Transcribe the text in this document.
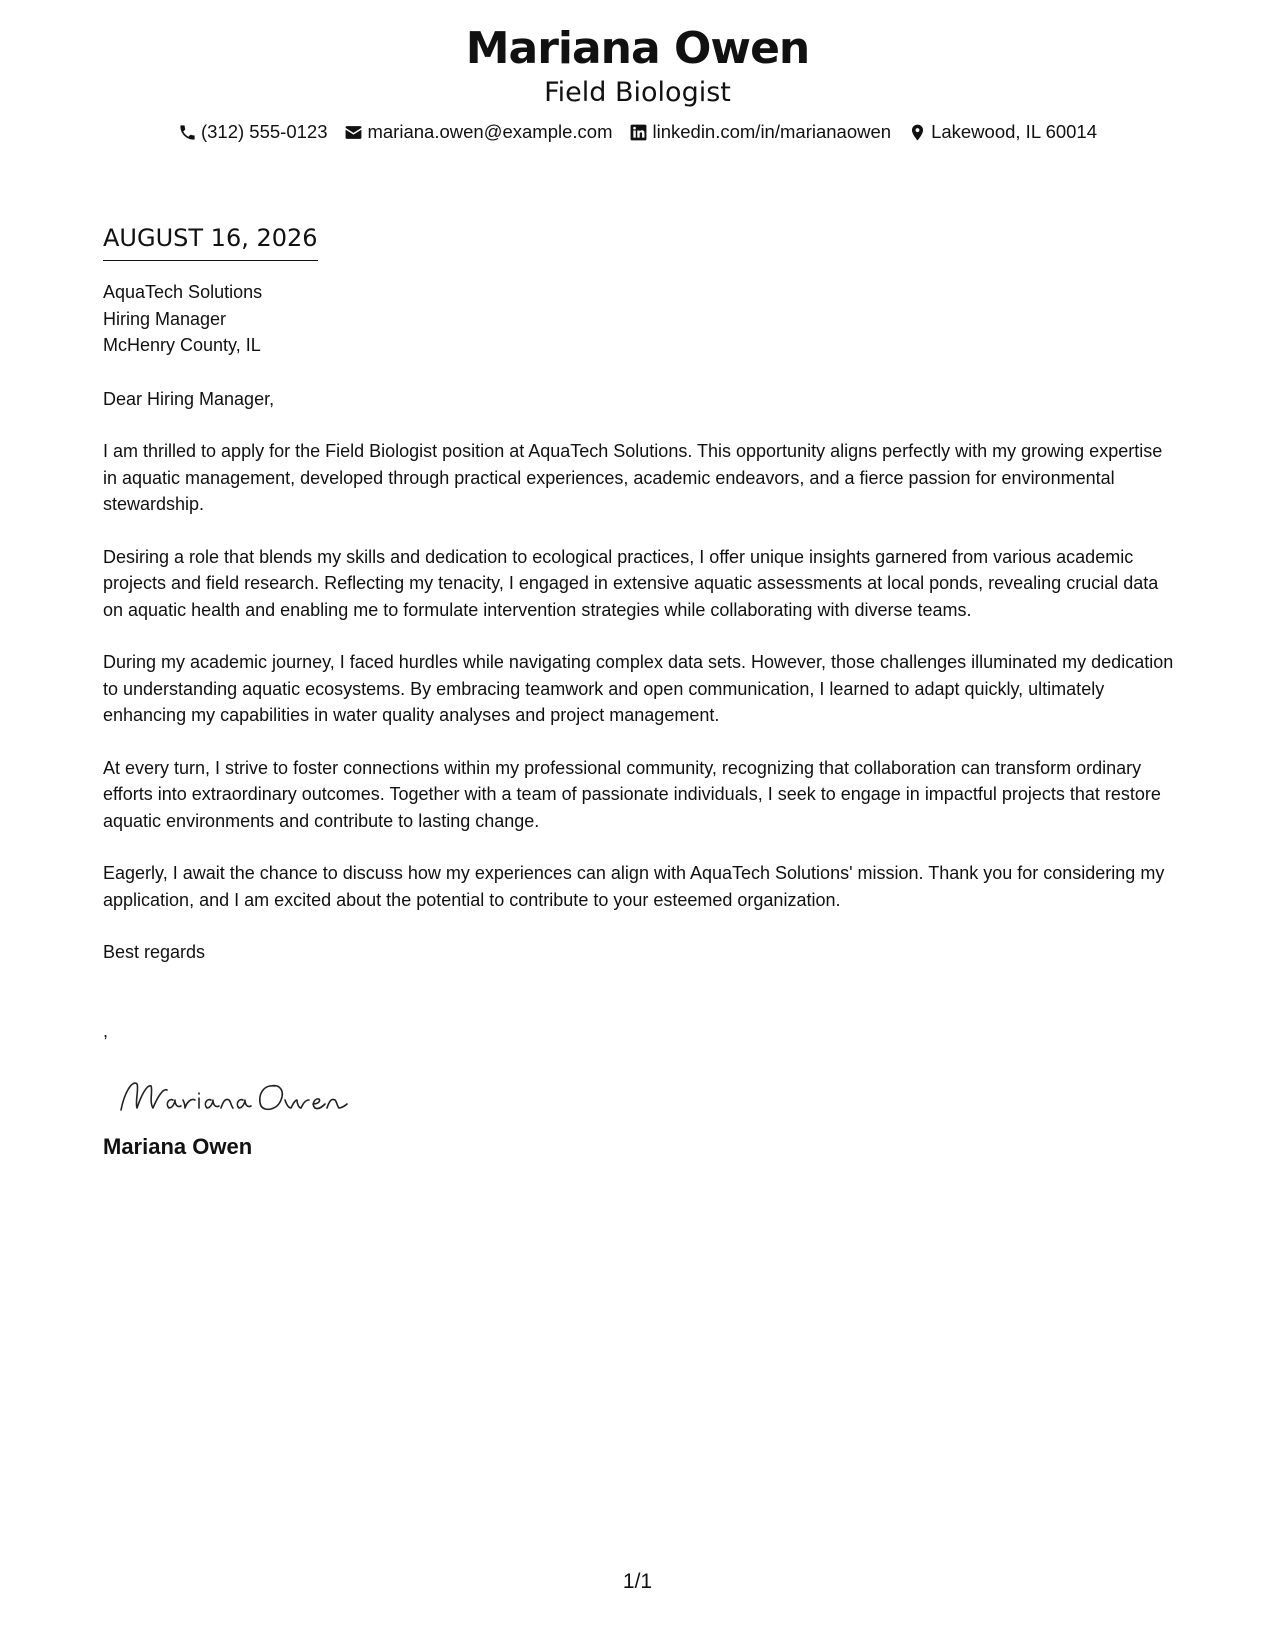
Mariana Owen
Field Biologist
(312) 555-0123 mariana.owen@example.com linkedin.com/in/marianaowen Lakewood, IL 60014
AUGUST 16, 2026
AquaTech Solutions
Hiring Manager
McHenry County, IL
Dear Hiring Manager,

I am thrilled to apply for the Field Biologist position at AquaTech Solutions. This opportunity aligns perfectly with my growing expertise in aquatic management, developed through practical experiences, academic endeavors, and a fierce passion for environmental stewardship.

Desiring a role that blends my skills and dedication to ecological practices, I offer unique insights garnered from various academic projects and field research. Reflecting my tenacity, I engaged in extensive aquatic assessments at local ponds, revealing crucial data on aquatic health and enabling me to formulate intervention strategies while collaborating with diverse teams.

During my academic journey, I faced hurdles while navigating complex data sets. However, those challenges illuminated my dedication to understanding aquatic ecosystems. By embracing teamwork and open communication, I learned to adapt quickly, ultimately enhancing my capabilities in water quality analyses and project management.

At every turn, I strive to foster connections within my professional community, recognizing that collaboration can transform ordinary efforts into extraordinary outcomes. Together with a team of passionate individuals, I seek to engage in impactful projects that restore aquatic environments and contribute to lasting change.

Eagerly, I await the chance to discuss how my experiences can align with AquaTech Solutions' mission. Thank you for considering my application, and I am excited about the potential to contribute to your esteemed organization.

Best regards
,
Mariana Owen
1/1
